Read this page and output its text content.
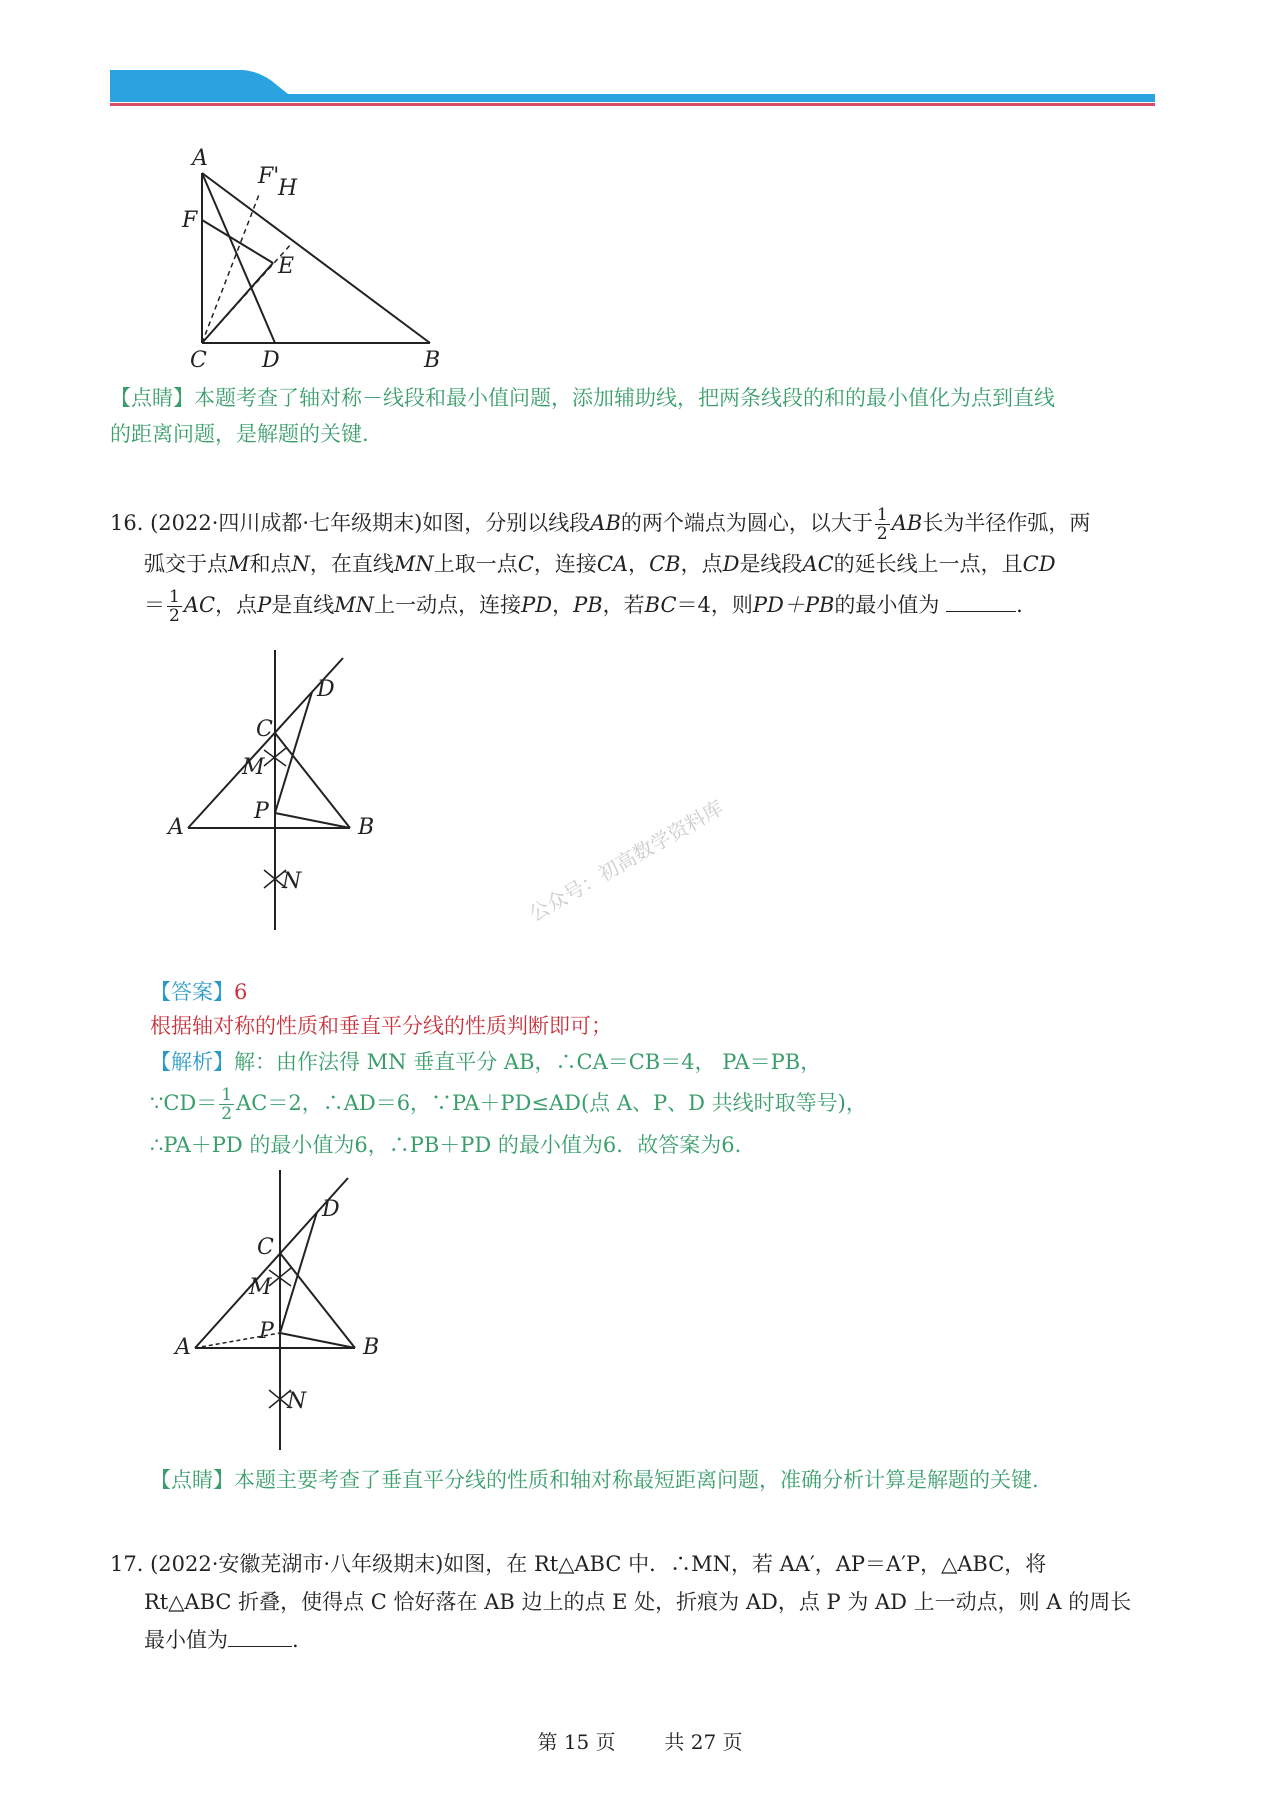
A
F'
H
F
E
C	D	B
【点睛】本题考查了轴对称－线段和最小值问题，添加辅助线，把两条线段的和的最小值化为点到直线
的距离问题，是解题的关键.
16. (2022·四川成都·七年级期末)如图，分别以线段AB的两个端点为圆心，以大于 $\frac{1}{2}$ AB长为半径作弧，两
弧交于点M和点N，在直线MN上取一点C，连接CA，CB，点D是线段AC的延长线上一点，且CD
＝ $\frac{1}{2}$ AC，点P是直线MN上一动点，连接PD，PB，若BC＝4，则PD＋PB的最小值为	.
D
C
M
P
A	B
N	公众号：初高数学资料库
【答案】6
根据轴对称的性质和垂直平分线的性质判断即可；
【解析】解：由作法得 MN 垂直平分 AB，∴CA＝CB＝4， PA＝PB，
∵CD＝ $\frac{1}{2} AC=2$，∴AD＝6，∵PA＋PD≤AD(点 A、P、D 共线时取等号)，
∴PA＋PD 的最小值为6，∴PB＋PD 的最小值为6．故答案为6.
D
C
M
P
A	B
N
【点睛】本题主要考查了垂直平分线的性质和轴对称最短距离问题，准确分析计算是解题的关键.
17. (2022·安徽芜湖市·八年级期末)如图，在 Rt△ABC 中．∴MN，若 AA′，AP＝A′P，△ABC，将
Rt△ABC 折叠，使得点 C 恰好落在 AB 边上的点 E 处，折痕为 AD，点 P 为 AD 上一动点，则 A 的周长
最小值为	.
第 15 页 共 27 页
